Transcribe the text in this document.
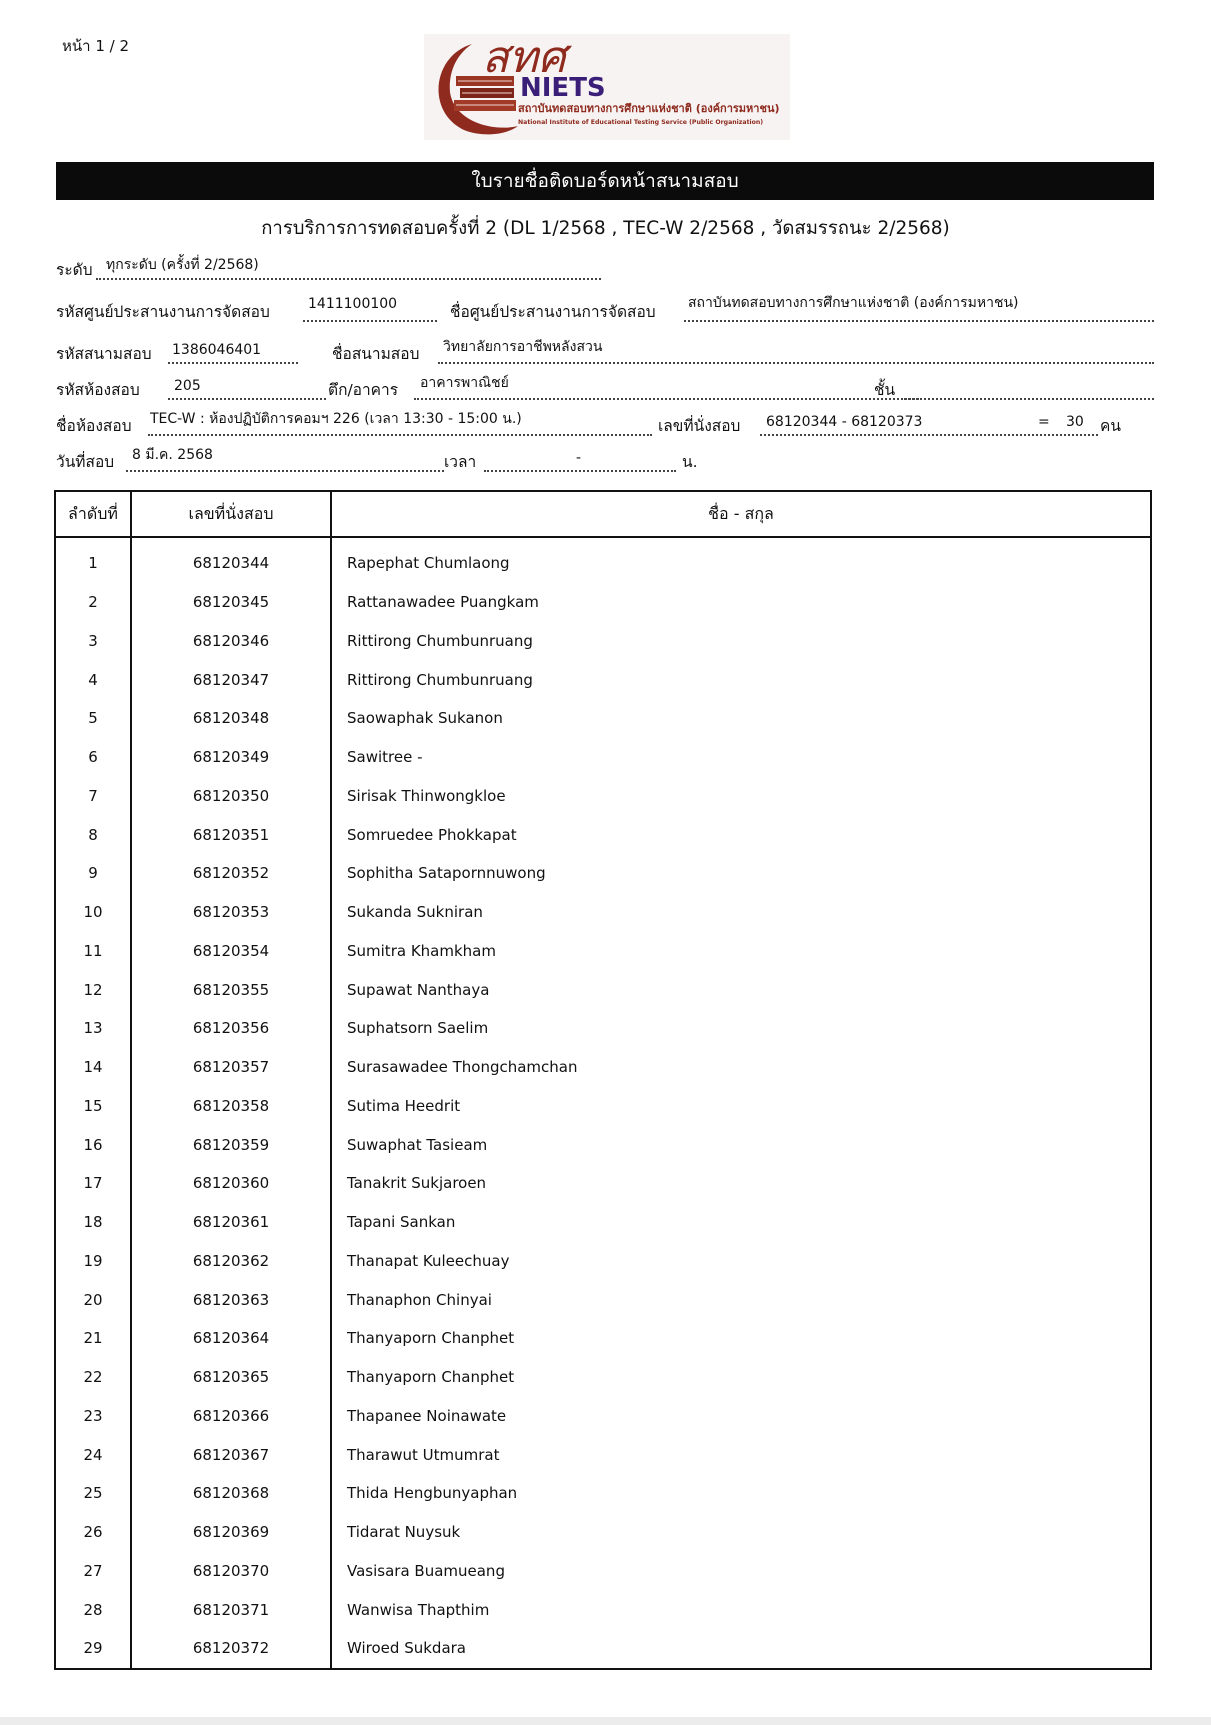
หน้า 1 / 2	สทศ
NIETS
สถาบันทดสอบทางการศึกษาแห่งชาติ (องค์การมหาชน)
National Institute of Educational Testing Service (Public Organization)
ใบรายชื่อติดบอร์ดหน้าสนามสอบ
การบริการการทดสอบครั้งที่ 2 (DL 1/2568 , TEC-W 2/2568 , วัดสมรรถนะ 2/2568)
ระดับ ทุกระดับ (ครั้งที่ 2/2568)
รหัสศูนย์ประสานงานการจัดสอบ	1411100100	ชื่อศูนย์ประสานงานการจัดสอบ สถาบันทดสอบทางการศึกษาแห่งชาติ (องค์การมหาชน)
รหัสสนามสอบ 1386046401	ชื่อสนามสอบ วิทยาลัยการอาชีพหลังสวน
รหัสห้องสอบ 205	ตึก/อาคาร อาคารพาณิชย์	ชั้น
ชื่อห้องสอบ TEC-W : ห้องปฏิบัติการคอมฯ 226 (เวลา 13:30 - 15:00 น.)	เลขที่นั่งสอบ 68120344 - 68120373	= 30 คน
วันที่สอบ 8 มี.ค. 2568	เวลา	-	น.
ลำดับที่	เลขที่นั่งสอบ	ชื่อ - สกุล
1	68120344	Rapephat Chumlaong
2	68120345	Rattanawadee Puangkam
3	68120346	Rittirong Chumbunruang
4	68120347	Rittirong Chumbunruang
5	68120348	Saowaphak Sukanon
6	68120349	Sawitree -
7	68120350	Sirisak Thinwongkloe
8	68120351	Somruedee Phokkapat
9	68120352	Sophitha Satapornnuwong
10	68120353	Sukanda Sukniran
11	68120354	Sumitra Khamkham
12	68120355	Supawat Nanthaya
13	68120356	Suphatsorn Saelim
14	68120357	Surasawadee Thongchamchan
15	68120358	Sutima Heedrit
16	68120359	Suwaphat Tasieam
17	68120360	Tanakrit Sukjaroen
18	68120361	Tapani Sankan
19	68120362	Thanapat Kuleechuay
20	68120363	Thanaphon Chinyai
21	68120364	Thanyaporn Chanphet
22	68120365	Thanyaporn Chanphet
23	68120366	Thapanee Noinawate
24	68120367	Tharawut Utmumrat
25	68120368	Thida Hengbunyaphan
26	68120369	Tidarat Nuysuk
27	68120370	Vasisara Buamueang
28	68120371	Wanwisa Thapthim
29	68120372	Wiroed Sukdara
